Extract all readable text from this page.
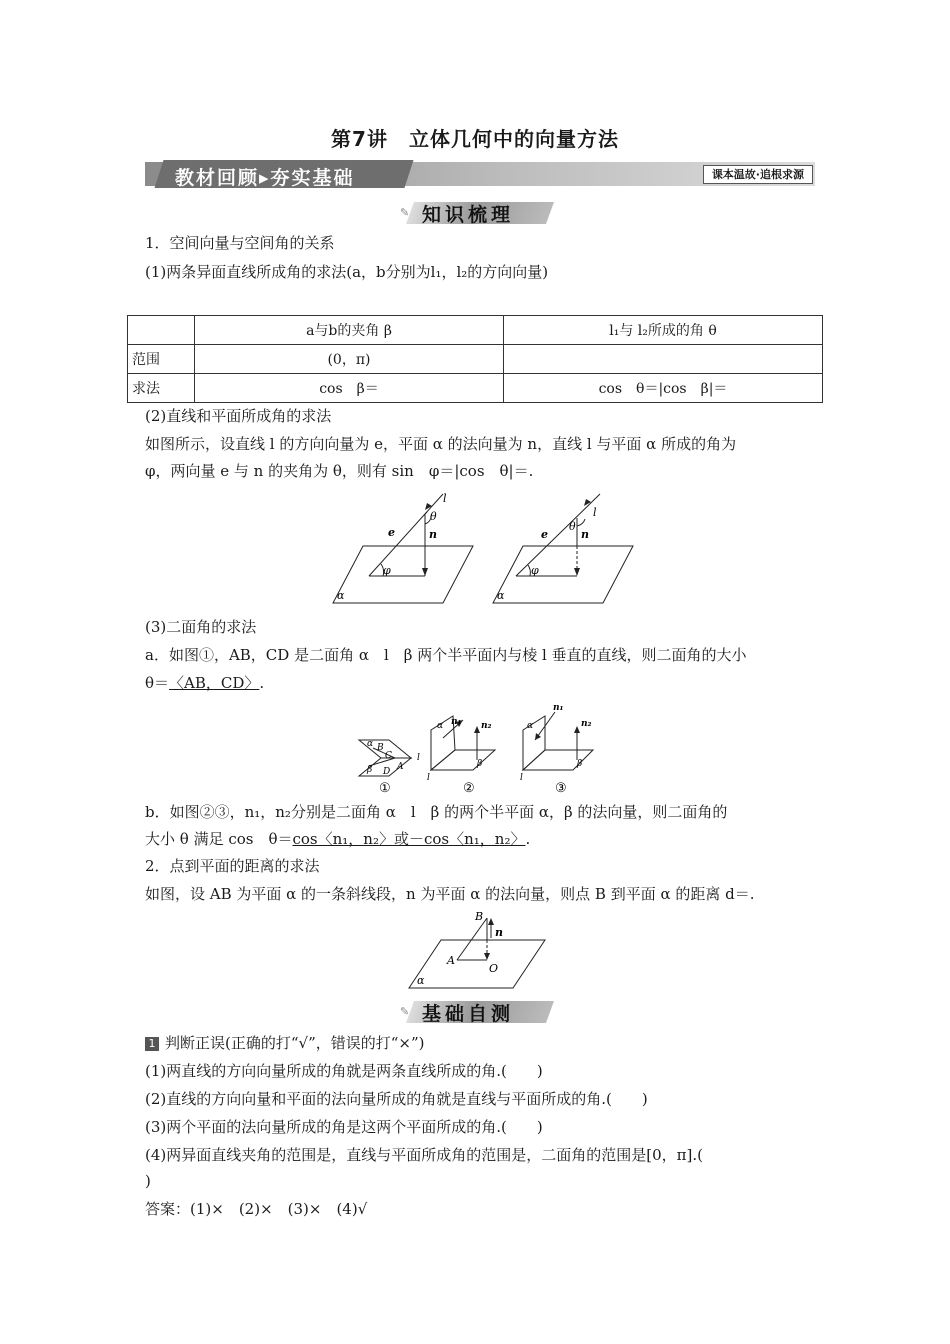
第7讲　立体几何中的向量方法
教材回顾▸夯实基础	课本温故·追根求源
✎ 知识梳理
1．空间向量与空间角的关系
(1)两条异面直线所成角的求法(a，b分别为l₁，l₂的方向向量)
	a与b的夹角 β	l₁与 l₂所成的角 θ
范围	(0，π)	
求法	cos　β＝	cos　θ＝|cos　β|＝
(2)直线和平面所成角的求法
如图所示，设直线 l 的方向向量为 e，平面 α 的法向量为 n，直线 l 与平面 α 所成的角为
φ，两向量 e 与 n 的夹角为 θ，则有 sin　φ＝|cos　θ|＝.
l
θ
e	n
φ
α
l
θ
e	n
φ
α
(3)二面角的求法
a．如图①，AB，CD 是二面角 α　l　β 两个半平面内与棱 l 垂直的直线，则二面角的大小
θ＝〈AB，CD〉.
α B
C
A
D
β
l
α n₁ n₂
β
l
α
n₁
n₂
β
l
①	②	③
b．如图②③，n₁，n₂分别是二面角 α　l　β 的两个半平面 α，β 的法向量，则二面角的
大小 θ 满足 cos　θ＝cos〈n₁，n₂〉或－cos〈n₁，n₂〉.
2．点到平面的距离的求法
如图，设 AB 为平面 α 的一条斜线段，n 为平面 α 的法向量，则点 B 到平面 α 的距离 d＝.
B
n
A
O
α
✎ 基础自测
1 判断正误(正确的打“√”，错误的打“×”)
(1)两直线的方向向量所成的角就是两条直线所成的角.(　　)
(2)直线的方向向量和平面的法向量所成的角就是直线与平面所成的角.(　　)
(3)两个平面的法向量所成的角是这两个平面所成的角.(　　)
(4)两异面直线夹角的范围是，直线与平面所成角的范围是，二面角的范围是[0，π].(
)
答案：(1)×　(2)×　(3)×　(4)√
